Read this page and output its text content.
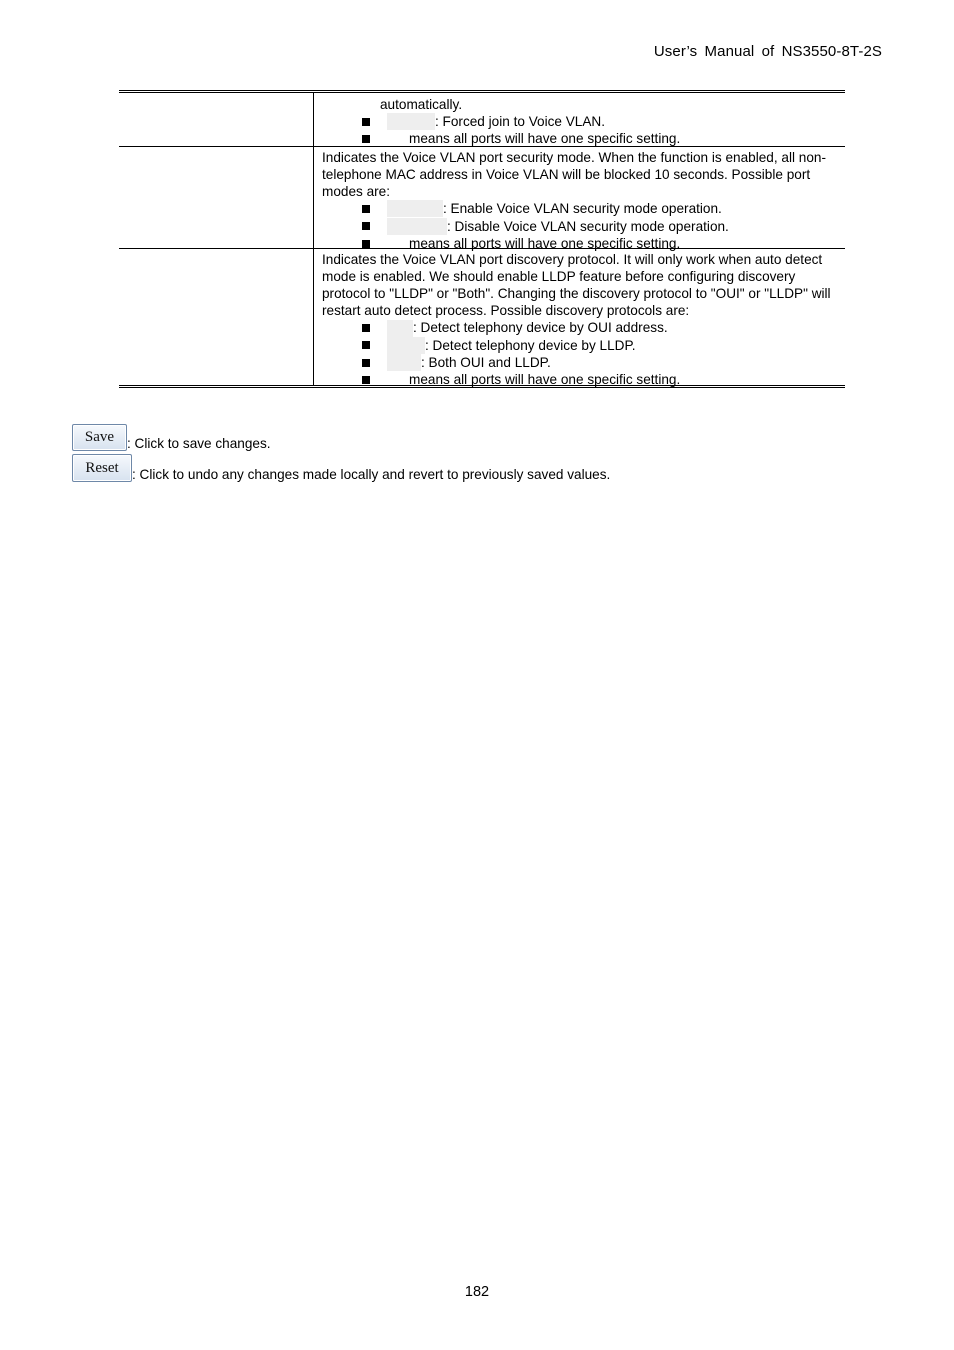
User’s Manual of NS3550-8T-2S
automatically.
: Forced join to Voice VLAN.
means all ports will have one specific setting.
Indicates the Voice VLAN port security mode. When the function is enabled, all non-telephone MAC address in Voice VLAN will be blocked 10 seconds. Possible port modes are:
: Enable Voice VLAN security mode operation.
: Disable Voice VLAN security mode operation.
means all ports will have one specific setting.
Indicates the Voice VLAN port discovery protocol. It will only work when auto detect mode is enabled. We should enable LLDP feature before configuring discovery protocol to "LLDP" or "Both". Changing the discovery protocol to "OUI" or "LLDP" will restart auto detect process. Possible discovery protocols are:
: Detect telephony device by OUI address.
: Detect telephony device by LLDP.
: Both OUI and LLDP.
means all ports will have one specific setting.
Save : Click to save changes.
Reset : Click to undo any changes made locally and revert to previously saved values.
182
